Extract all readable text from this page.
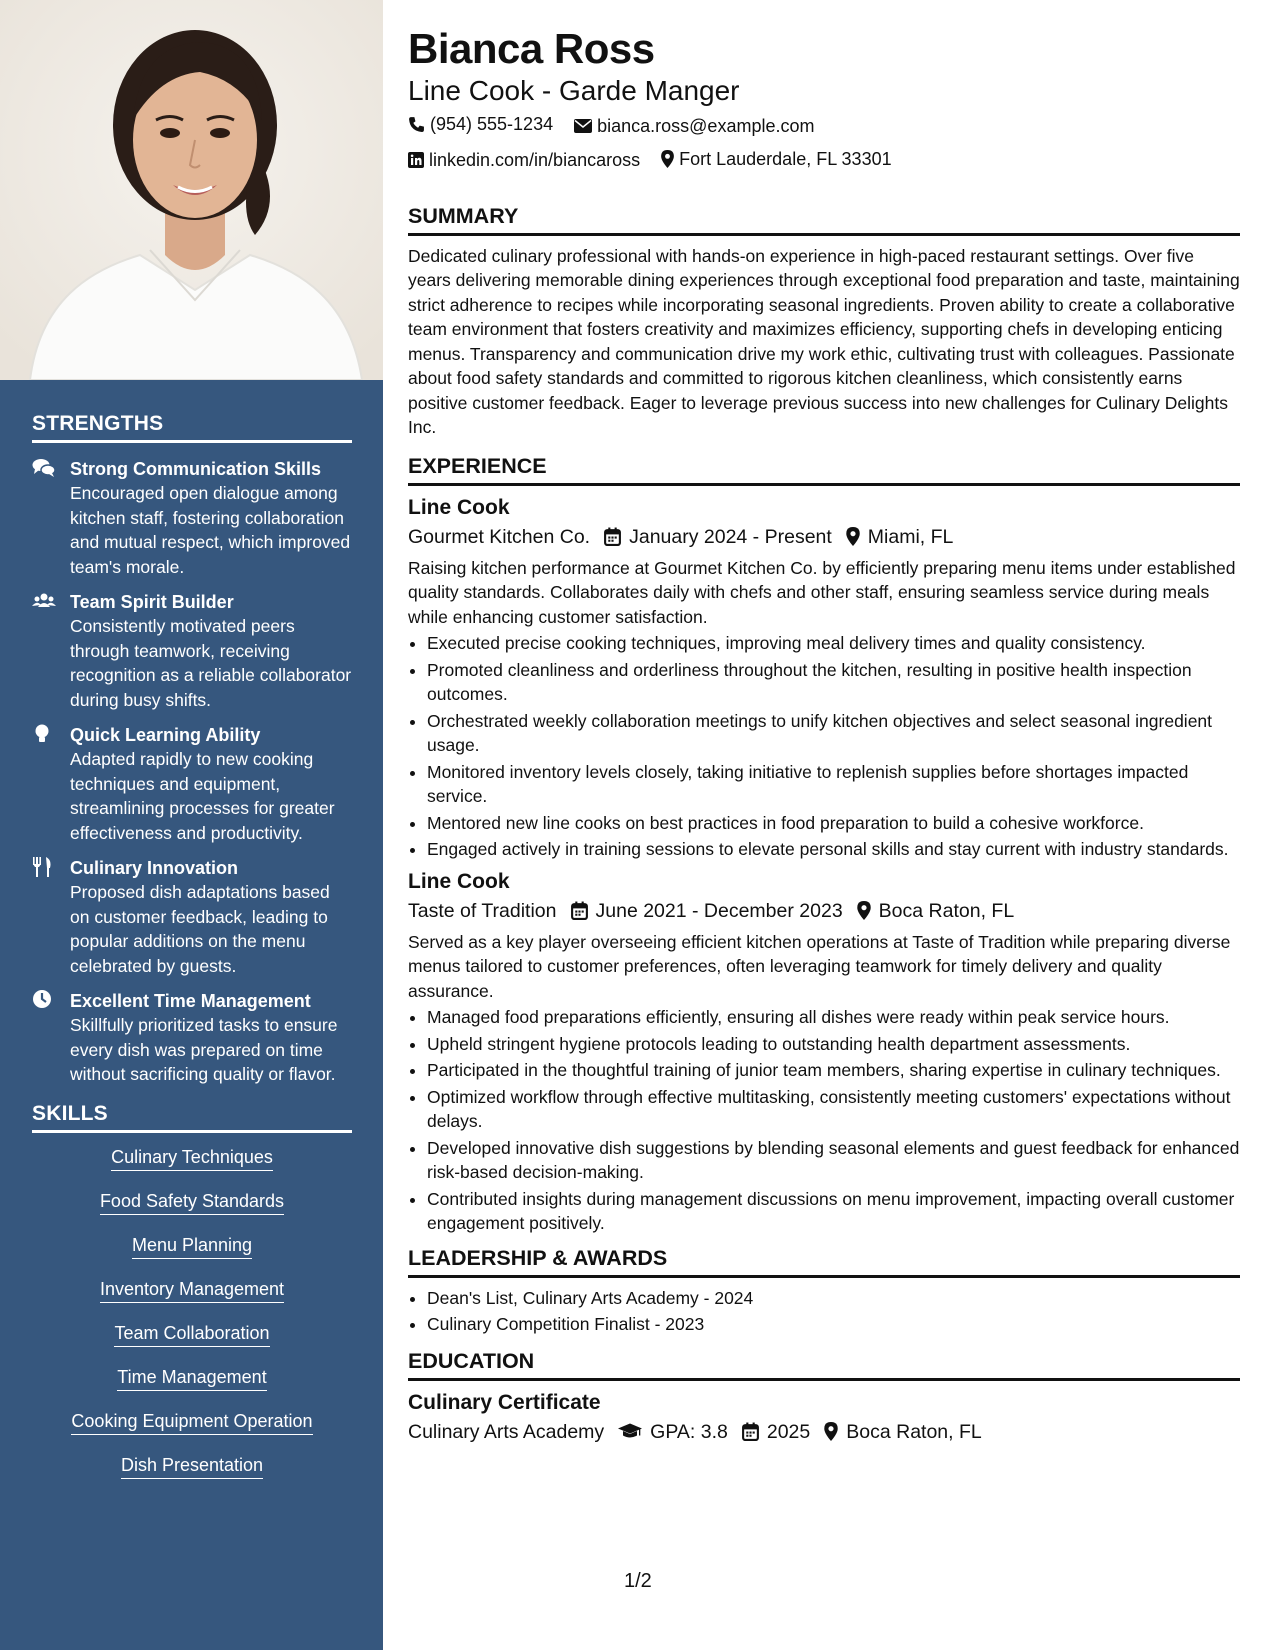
STRENGTHS
Strong Communication Skills
Encouraged open dialogue among kitchen staff, fostering collaboration and mutual respect, which improved team's morale.
Team Spirit Builder
Consistently motivated peers through teamwork, receiving recognition as a reliable collaborator during busy shifts.
Quick Learning Ability
Adapted rapidly to new cooking techniques and equipment, streamlining processes for greater effectiveness and productivity.
Culinary Innovation
Proposed dish adaptations based on customer feedback, leading to popular additions on the menu celebrated by guests.
Excellent Time Management
Skillfully prioritized tasks to ensure every dish was prepared on time without sacrificing quality or flavor.
SKILLS
Culinary Techniques
Food Safety Standards
Menu Planning
Inventory Management
Team Collaboration
Time Management
Cooking Equipment Operation
Dish Presentation
Bianca Ross
Line Cook - Garde Manger
(954) 555-1234
bianca.ross@example.com
linkedin.com/in/biancaross
Fort Lauderdale, FL 33301
SUMMARY
Dedicated culinary professional with hands-on experience in high-paced restaurant settings. Over five years delivering memorable dining experiences through exceptional food preparation and taste, maintaining strict adherence to recipes while incorporating seasonal ingredients. Proven ability to create a collaborative team environment that fosters creativity and maximizes efficiency, supporting chefs in developing enticing menus. Transparency and communication drive my work ethic, cultivating trust with colleagues. Passionate about food safety standards and committed to rigorous kitchen cleanliness, which consistently earns positive customer feedback. Eager to leverage previous success into new challenges for Culinary Delights Inc.
EXPERIENCE
Line Cook
Gourmet Kitchen Co. January 2024 - Present Miami, FL
Raising kitchen performance at Gourmet Kitchen Co. by efficiently preparing menu items under established quality standards. Collaborates daily with chefs and other staff, ensuring seamless service during meals while enhancing customer satisfaction.
• Executed precise cooking techniques, improving meal delivery times and quality consistency.
• Promoted cleanliness and orderliness throughout the kitchen, resulting in positive health inspection outcomes.
• Orchestrated weekly collaboration meetings to unify kitchen objectives and select seasonal ingredient usage.
• Monitored inventory levels closely, taking initiative to replenish supplies before shortages impacted service.
• Mentored new line cooks on best practices in food preparation to build a cohesive workforce.
• Engaged actively in training sessions to elevate personal skills and stay current with industry standards.
Line Cook
Taste of Tradition June 2021 - December 2023 Boca Raton, FL
Served as a key player overseeing efficient kitchen operations at Taste of Tradition while preparing diverse menus tailored to customer preferences, often leveraging teamwork for timely delivery and quality assurance.
• Managed food preparations efficiently, ensuring all dishes were ready within peak service hours.
• Upheld stringent hygiene protocols leading to outstanding health department assessments.
• Participated in the thoughtful training of junior team members, sharing expertise in culinary techniques.
• Optimized workflow through effective multitasking, consistently meeting customers' expectations without delays.
• Developed innovative dish suggestions by blending seasonal elements and guest feedback for enhanced risk-based decision-making.
• Contributed insights during management discussions on menu improvement, impacting overall customer engagement positively.
LEADERSHIP & AWARDS
• Dean's List, Culinary Arts Academy - 2024
• Culinary Competition Finalist - 2023
EDUCATION
Culinary Certificate
Culinary Arts Academy GPA: 3.8 2025 Boca Raton, FL
1/2
